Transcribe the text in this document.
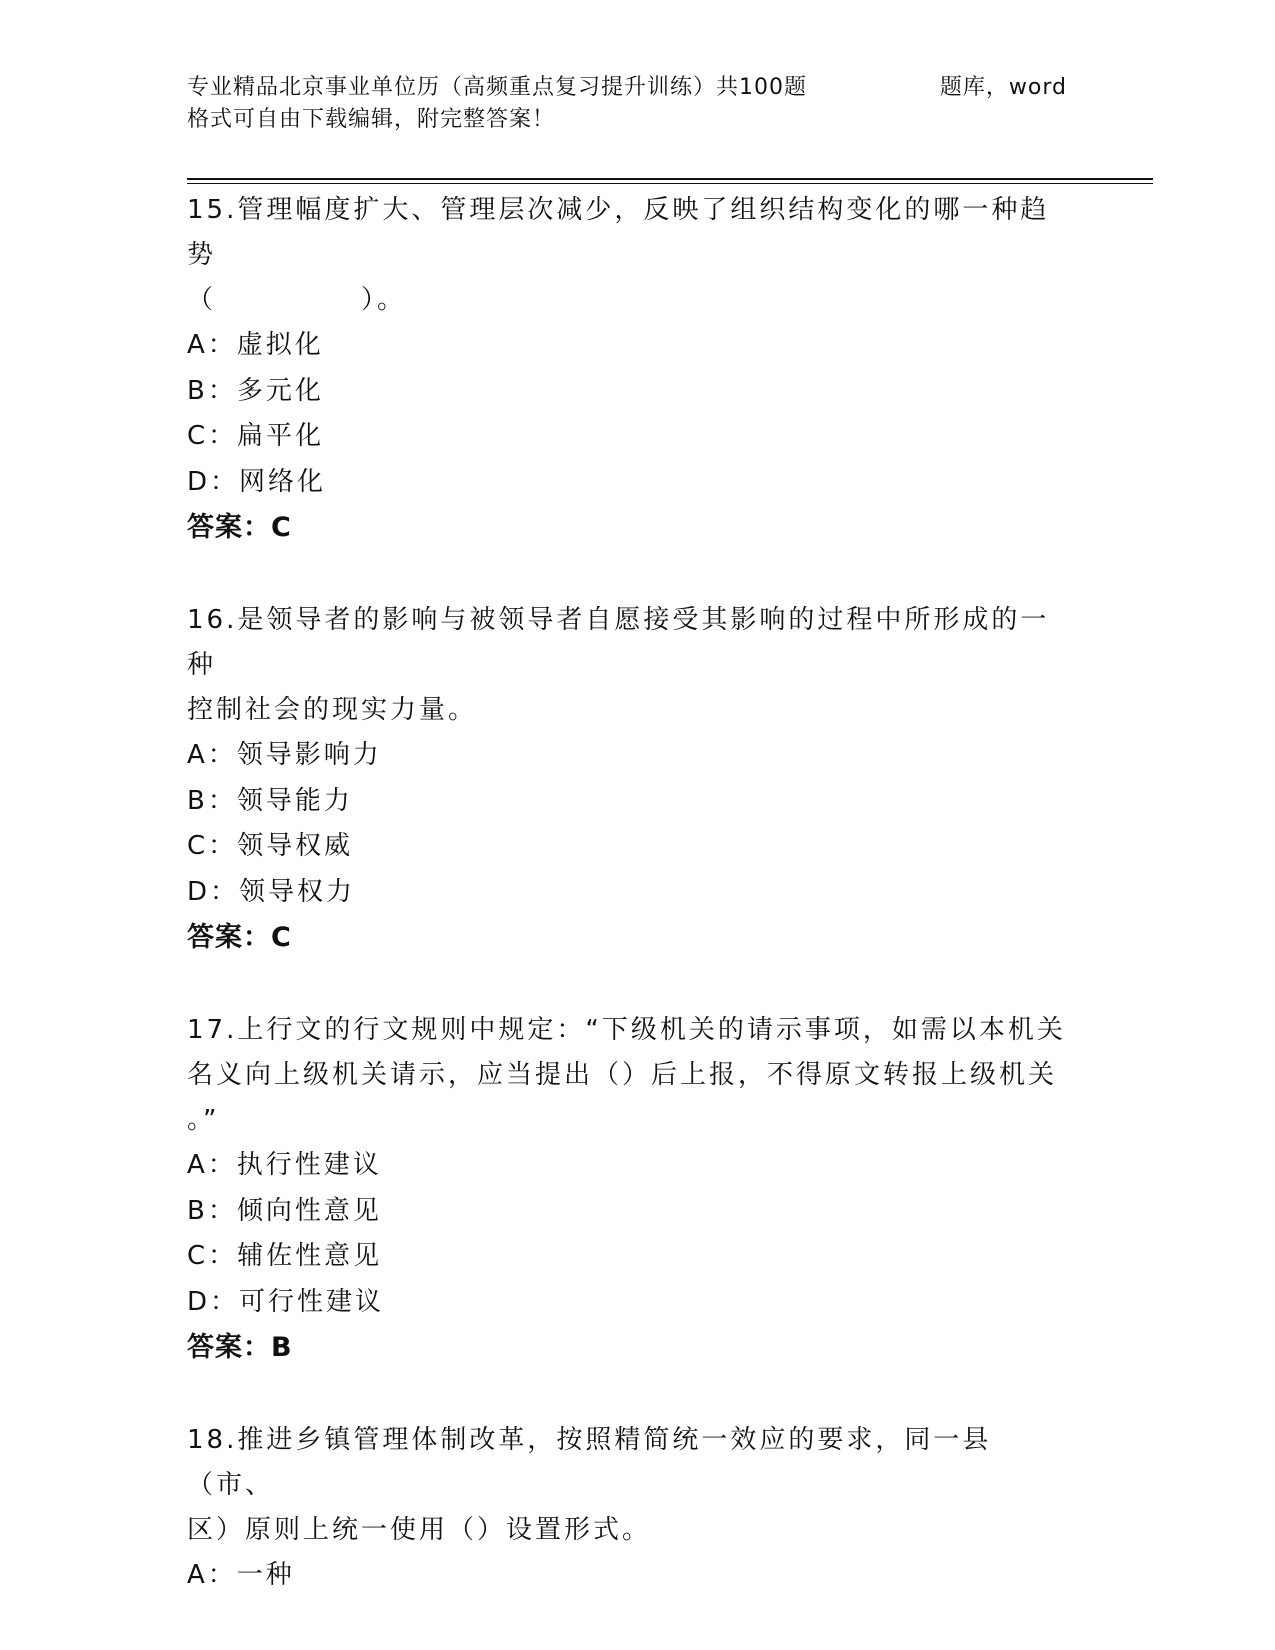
专业精品北京事业单位历（高频重点复习提升训练）共100题	题库，word
格式可自由下载编辑，附完整答案！

15.管理幅度扩大、管理层次减少，反映了组织结构变化的哪一种趋势

（　　　　　）。

A：虚拟化

B：多元化

C：扁平化

D：网络化

答案：C

16.是领导者的影响与被领导者自愿接受其影响的过程中所形成的一种

控制社会的现实力量。

A：领导影响力

B：领导能力

C：领导权威

D：领导权力

答案：C

17.上行文的行文规则中规定：“下级机关的请示事项，如需以本机关

名义向上级机关请示，应当提出（）后上报，不得原文转报上级机关

。”

A：执行性建议

B：倾向性意见

C：辅佐性意见

D：可行性建议

答案：B

18.推进乡镇管理体制改革，按照精简统一效应的要求，同一县（市、

区）原则上统一使用（）设置形式。

A：一种
